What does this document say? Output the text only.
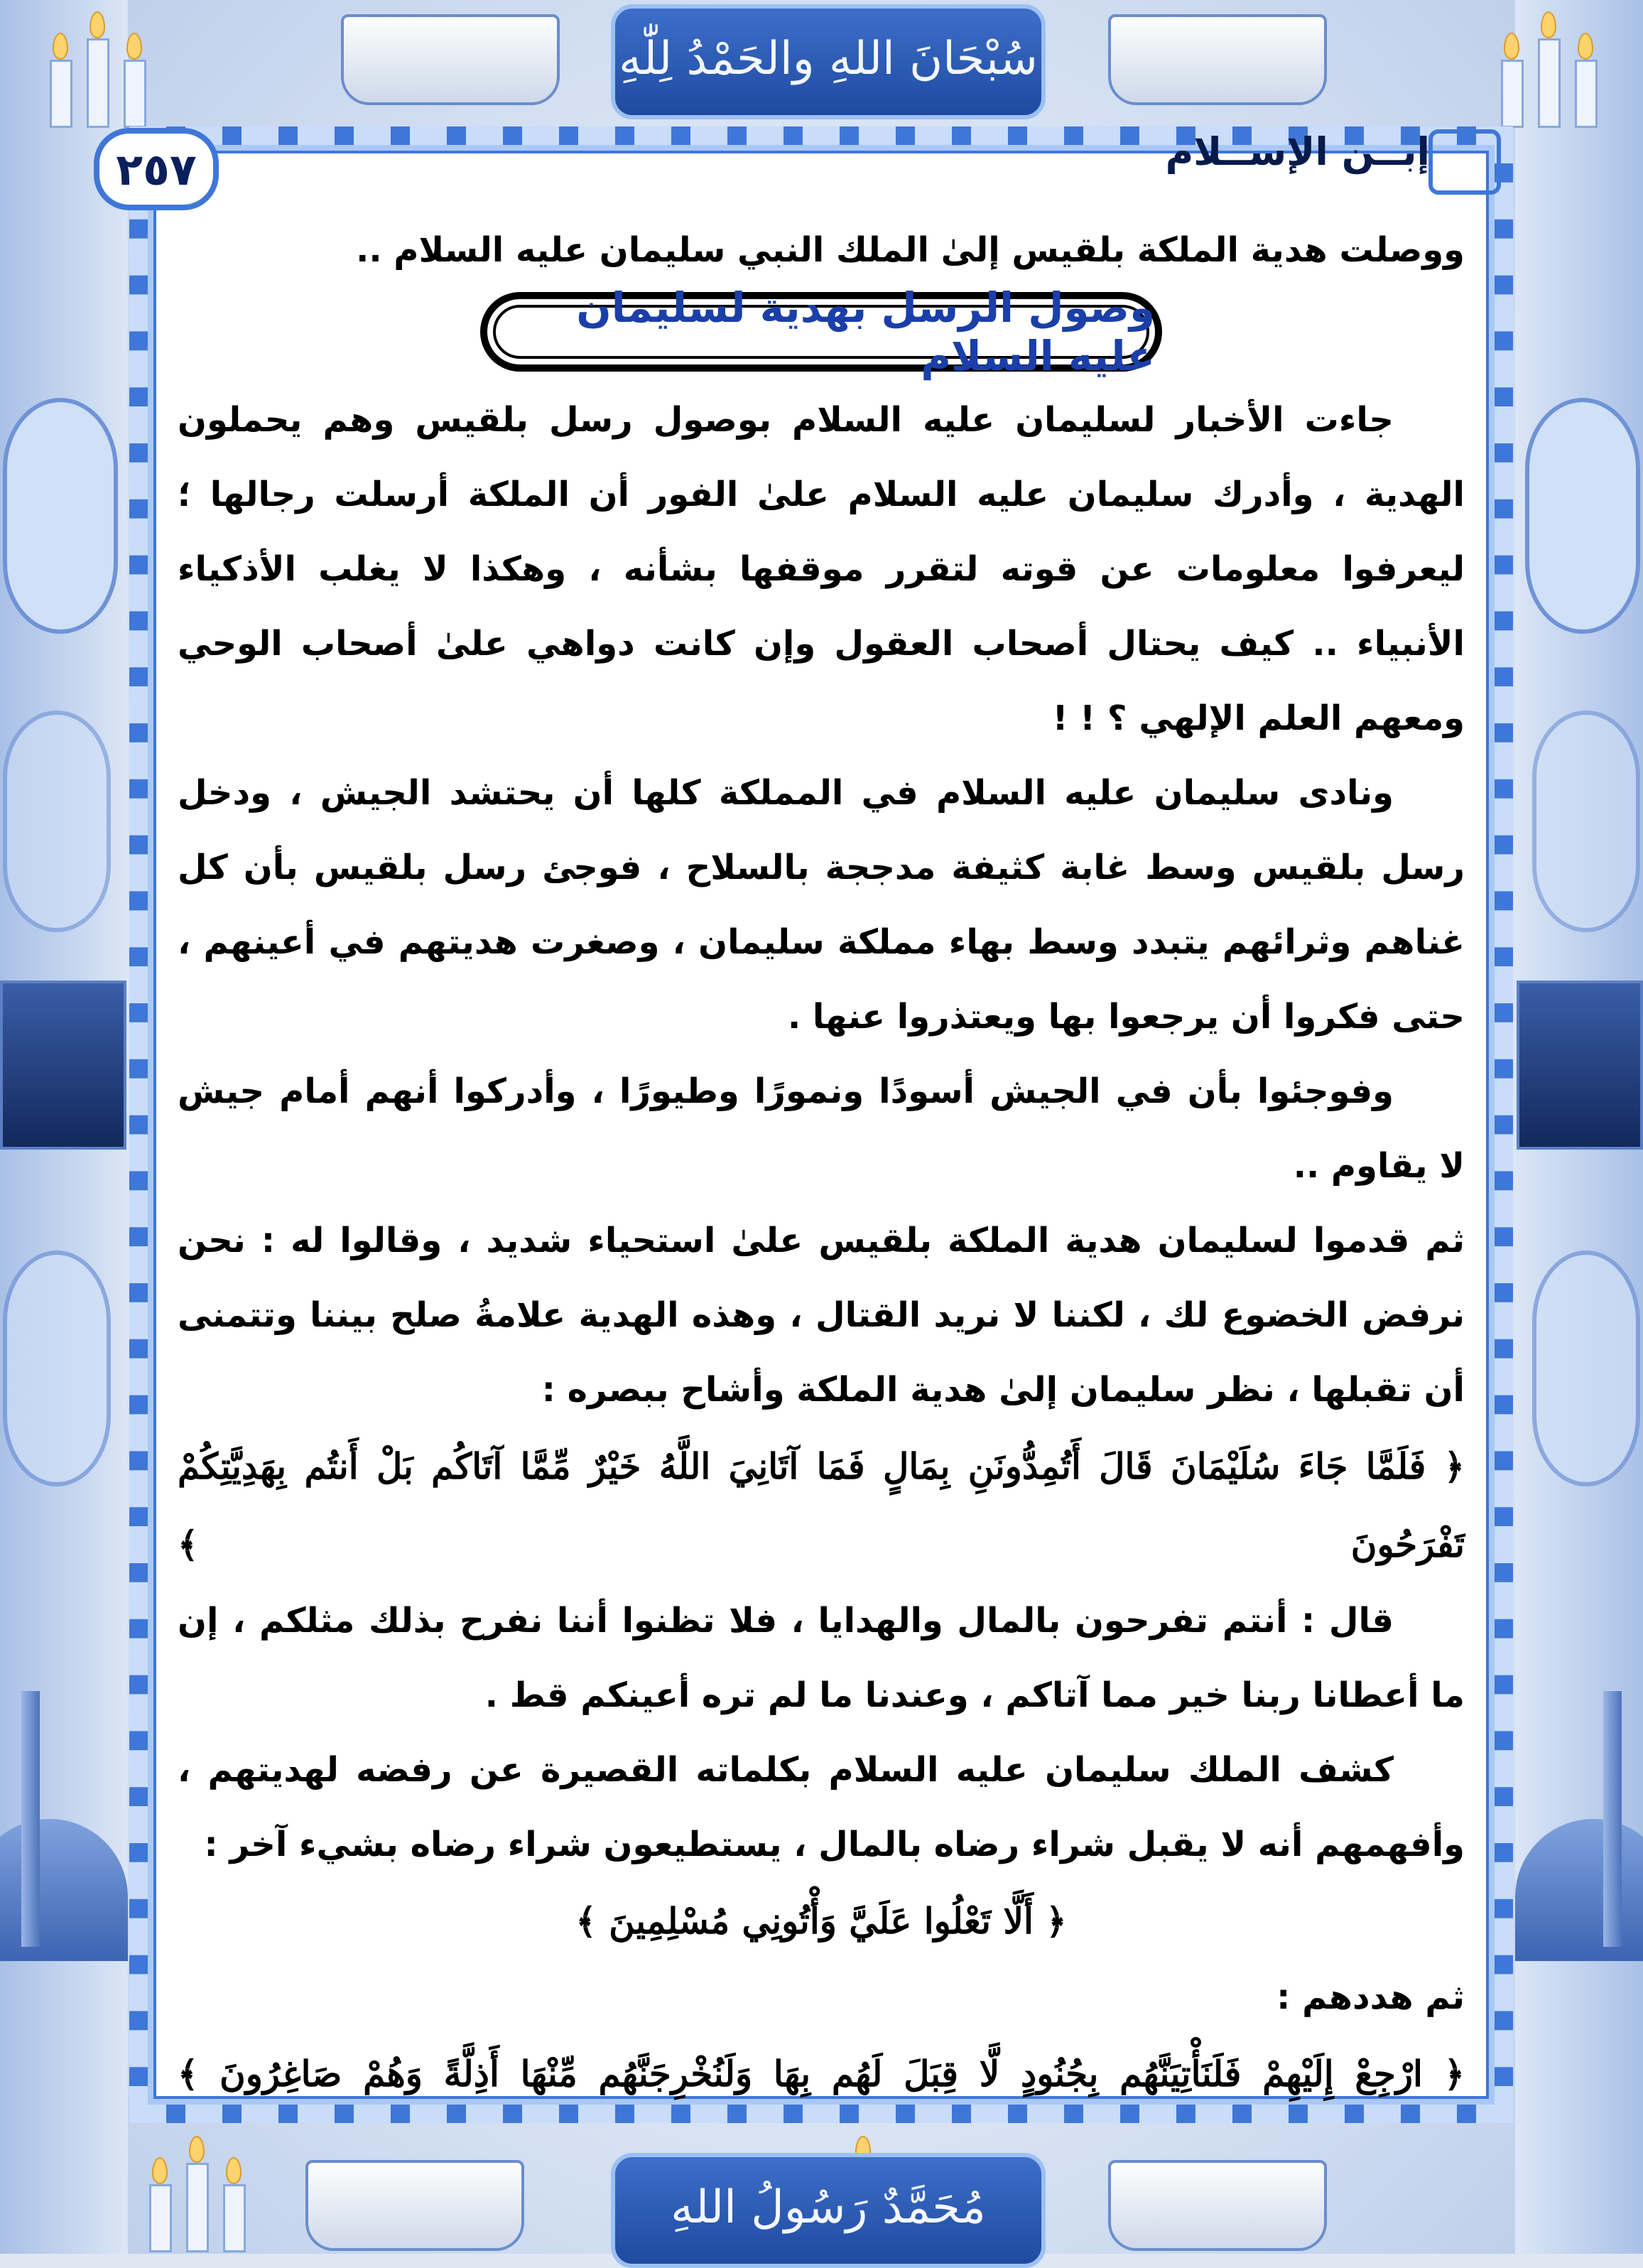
سُبْحَانَ اللهِ والحَمْدُ لِلّٰهِ
مُحَمَّدٌ رَسُولُ اللهِ
٢٥٧	إبــن الإســلام

ووصلت هدية الملكة بلقيس إلىٰ الملك النبي سليمان عليه السلام ..

وصول الرسل بهدية لسليمان عليه السلام

جاءت الأخبار لسليمان عليه السلام بوصول رسل بلقيس وهم يحملون الهدية ، وأدرك سليمان عليه السلام علىٰ الفور أن الملكة أرسلت رجالها ؛ ليعرفوا معلومات عن قوته لتقرر موقفها بشأنه ، وهكذا لا يغلب الأذكياء الأنبياء .. كيف يحتال أصحاب العقول وإن كانت دواهي علىٰ أصحاب الوحي ومعهم العلم الإلهي ؟ ! !

ونادى سليمان عليه السلام في المملكة كلها أن يحتشد الجيش ، ودخل رسل بلقيس وسط غابة كثيفة مدججة بالسلاح ، فوجئ رسل بلقيس بأن كل غناهم وثرائهم يتبدد وسط بهاء مملكة سليمان ، وصغرت هديتهم في أعينهم ، حتى فكروا أن يرجعوا بها ويعتذروا عنها .

وفوجئوا بأن في الجيش أسودًا ونمورًا وطيورًا ، وأدركوا أنهم أمام جيش لا يقاوم ..

ثم قدموا لسليمان هدية الملكة بلقيس علىٰ استحياء شديد ، وقالوا له : نحن نرفض الخضوع لك ، لكننا لا نريد القتال ، وهذه الهدية علامةُ صلح بيننا وتتمنى أن تقبلها ، نظر سليمان إلىٰ هدية الملكة وأشاح ببصره :

﴿ فَلَمَّا جَاءَ سُلَيْمَانَ قَالَ أَتُمِدُّونَنِ بِمَالٍ فَمَا آتَانِيَ اللَّهُ خَيْرٌ مِّمَّا آتَاكُم بَلْ أَنتُم بِهَدِيَّتِكُمْ تَفْرَحُونَ ﴾

قال : أنتم تفرحون بالمال والهدايا ، فلا تظنوا أننا نفرح بذلك مثلكم ، إن ما أعطانا ربنا خير مما آتاكم ، وعندنا ما لم تره أعينكم قط .

كشف الملك سليمان عليه السلام بكلماته القصيرة عن رفضه لهديتهم ، وأفهمهم أنه لا يقبل شراء رضاه بالمال ، يستطيعون شراء رضاه بشيء آخر :

﴿ أَلَّا تَعْلُوا عَلَيَّ وَأْتُونِي مُسْلِمِينَ ﴾

ثم هددهم :

﴿ ارْجِعْ إِلَيْهِمْ فَلَنَأْتِيَنَّهُم بِجُنُودٍ لَّا قِبَلَ لَهُم بِهَا وَلَنُخْرِجَنَّهُم مِّنْهَا أَذِلَّةً وَهُمْ صَاغِرُونَ ﴾
